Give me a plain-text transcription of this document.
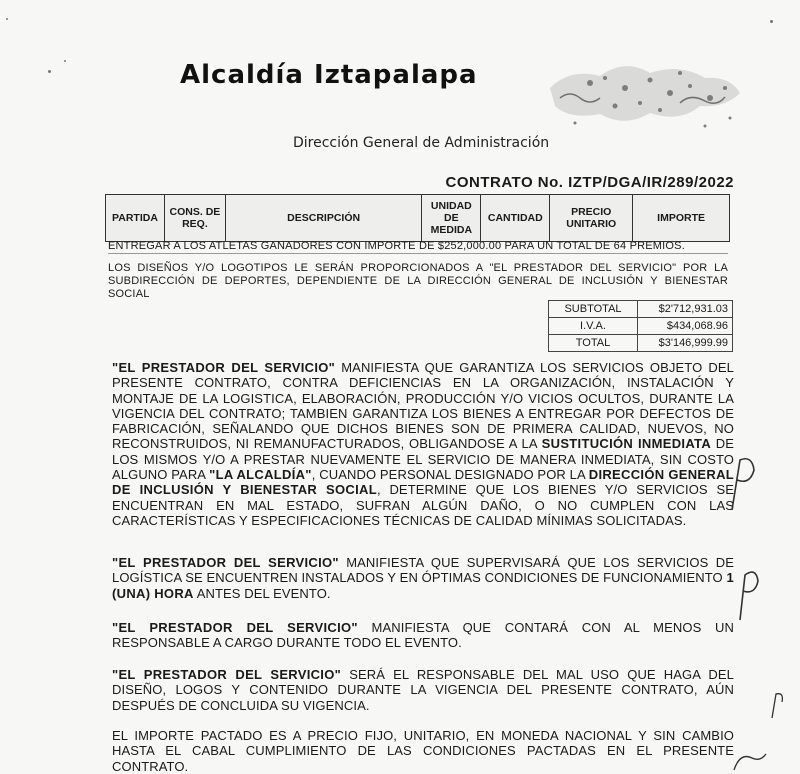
Alcaldía Iztapalapa
Dirección General de Administración
CONTRATO No. IZTP/DGA/IR/289/2022
PARTIDA	CONS. DE REQ.	DESCRIPCIÓN	UNIDAD DE MEDIDA	CANTIDAD	PRECIO UNITARIO	IMPORTE
ENTREGAR A LOS ATLETAS GANADORES CON IMPORTE DE $252,000.00 PARA UN TOTAL DE 64 PREMIOS.
LOS DISEÑOS Y/O LOGOTIPOS LE SERÁN PROPORCIONADOS A "EL PRESTADOR DEL SERVICIO" POR LA SUBDIRECCIÓN DE DEPORTES, DEPENDIENTE DE LA DIRECCIÓN GENERAL DE INCLUSIÓN Y BIENESTAR SOCIAL
SUBTOTAL	$2'712,931.03
I.V.A.	$434,068.96
TOTAL	$3'146,999.99
"EL PRESTADOR DEL SERVICIO" MANIFIESTA QUE GARANTIZA LOS SERVICIOS OBJETO DEL PRESENTE CONTRATO, CONTRA DEFICIENCIAS EN LA ORGANIZACIÓN, INSTALACIÓN Y MONTAJE DE LA LOGISTICA, ELABORACIÓN, PRODUCCIÓN Y/O VICIOS OCULTOS, DURANTE LA VIGENCIA DEL CONTRATO; TAMBIEN GARANTIZA LOS BIENES A ENTREGAR POR DEFECTOS DE FABRICACIÓN, SEÑALANDO QUE DICHOS BIENES SON DE PRIMERA CALIDAD, NUEVOS, NO RECONSTRUIDOS, NI REMANUFACTURADOS, OBLIGANDOSE A LA SUSTITUCIÓN INMEDIATA DE LOS MISMOS Y/O A PRESTAR NUEVAMENTE EL SERVICIO DE MANERA INMEDIATA, SIN COSTO ALGUNO PARA "LA ALCALDÍA", CUANDO PERSONAL DESIGNADO POR LA DIRECCIÓN GENERAL DE INCLUSIÓN Y BIENESTAR SOCIAL, DETERMINE QUE LOS BIENES Y/O SERVICIOS SE ENCUENTRAN EN MAL ESTADO, SUFRAN ALGÚN DAÑO, O NO CUMPLEN CON LAS CARACTERÍSTICAS Y ESPECIFICACIONES TÉCNICAS DE CALIDAD MÍNIMAS SOLICITADAS.
"EL PRESTADOR DEL SERVICIO" MANIFIESTA QUE SUPERVISARÁ QUE LOS SERVICIOS DE LOGÍSTICA SE ENCUENTREN INSTALADOS Y EN ÓPTIMAS CONDICIONES DE FUNCIONAMIENTO 1 (UNA) HORA ANTES DEL EVENTO.
"EL PRESTADOR DEL SERVICIO" MANIFIESTA QUE CONTARÁ CON AL MENOS UN RESPONSABLE A CARGO DURANTE TODO EL EVENTO.
"EL PRESTADOR DEL SERVICIO" SERÁ EL RESPONSABLE DEL MAL USO QUE HAGA DEL DISEÑO, LOGOS Y CONTENIDO DURANTE LA VIGENCIA DEL PRESENTE CONTRATO, AÚN DESPUÉS DE CONCLUIDA SU VIGENCIA.
EL IMPORTE PACTADO ES A PRECIO FIJO, UNITARIO, EN MONEDA NACIONAL Y SIN CAMBIO HASTA EL CABAL CUMPLIMIENTO DE LAS CONDICIONES PACTADAS EN EL PRESENTE CONTRATO.
